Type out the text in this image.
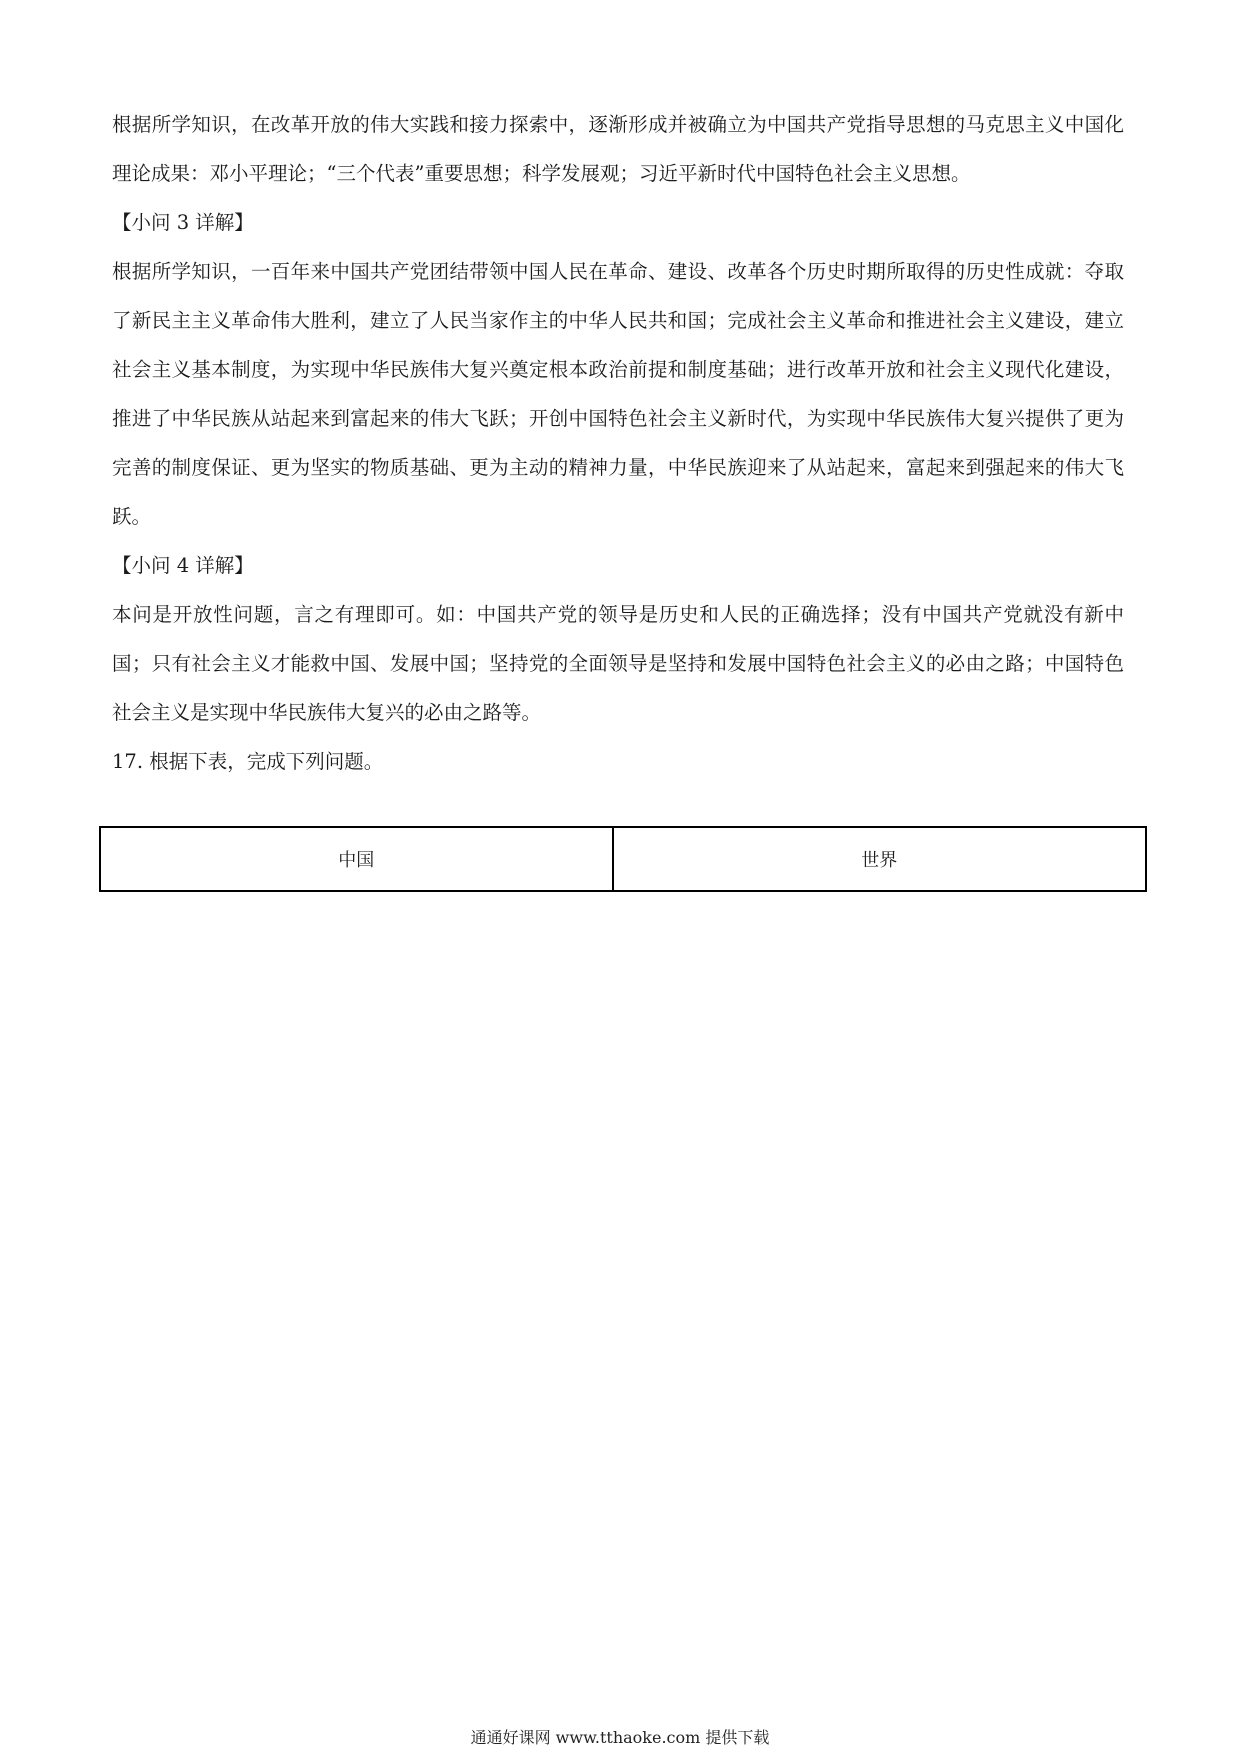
根据所学知识，在改革开放的伟大实践和接力探索中，逐渐形成并被确立为中国共产党指导思想的马克思主义中国化理论成果：邓小平理论；“三个代表”重要思想；科学发展观；习近平新时代中国特色社会主义思想。

【小问 3 详解】

根据所学知识，一百年来中国共产党团结带领中国人民在革命、建设、改革各个历史时期所取得的历史性成就：夺取了新民主主义革命伟大胜利，建立了人民当家作主的中华人民共和国；完成社会主义革命和推进社会主义建设，建立社会主义基本制度，为实现中华民族伟大复兴奠定根本政治前提和制度基础；进行改革开放和社会主义现代化建设，推进了中华民族从站起来到富起来的伟大飞跃；开创中国特色社会主义新时代，为实现中华民族伟大复兴提供了更为完善的制度保证、更为坚实的物质基础、更为主动的精神力量，中华民族迎来了从站起来，富起来到强起来的伟大飞跃。

【小问 4 详解】

本问是开放性问题，言之有理即可。如：中国共产党的领导是历史和人民的正确选择；没有中国共产党就没有新中国；只有社会主义才能救中国、发展中国；坚持党的全面领导是坚持和发展中国特色社会主义的必由之路；中国特色社会主义是实现中华民族伟大复兴的必由之路等。

17. 根据下表，完成下列问题。

中国	世界
通通好课网 www.tthaoke.com 提供下载
